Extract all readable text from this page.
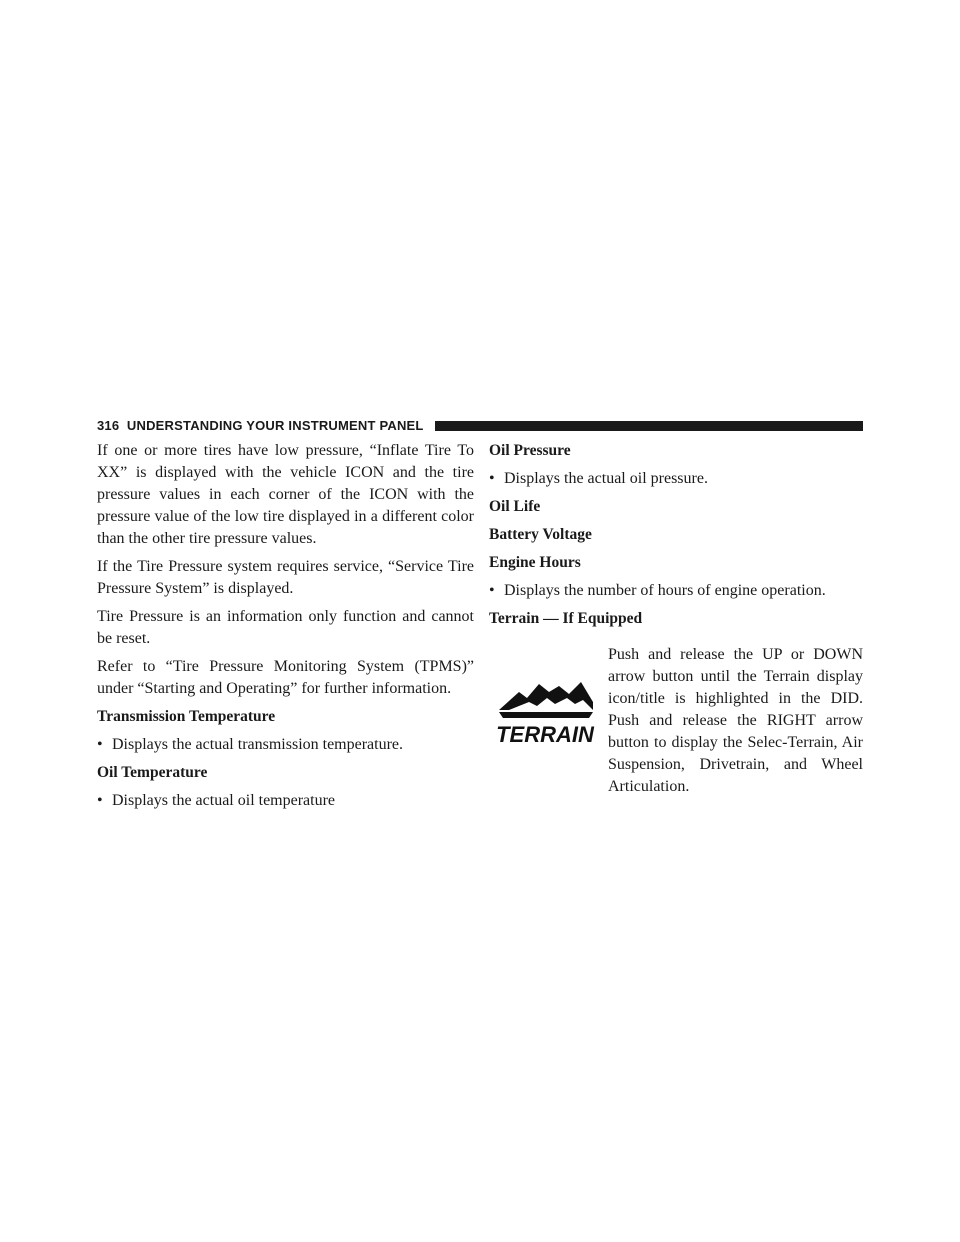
316 UNDERSTANDING YOUR INSTRUMENT PANEL

If one or more tires have low pressure, “Inflate Tire To XX” is displayed with the vehicle ICON and the tire pressure values in each corner of the ICON with the pressure value of the low tire displayed in a different color than the other tire pressure values.

If the Tire Pressure system requires service, “Service Tire Pressure System” is displayed.

Tire Pressure is an information only function and cannot be reset.

Refer to “Tire Pressure Monitoring System (TPMS)” under “Starting and Operating” for further information.

Transmission Temperature
• Displays the actual transmission temperature.
Oil Temperature
• Displays the actual oil temperature
Oil Pressure
• Displays the actual oil pressure.
Oil Life
Battery Voltage
Engine Hours
• Displays the number of hours of engine operation.
Terrain — If Equipped
TERRAIN

Push and release the UP or DOWN arrow button until the Terrain display icon/title is highlighted in the DID. Push and release the RIGHT arrow button to display the Selec-Terrain, Air Suspension, Drivetrain, and Wheel Articulation.
